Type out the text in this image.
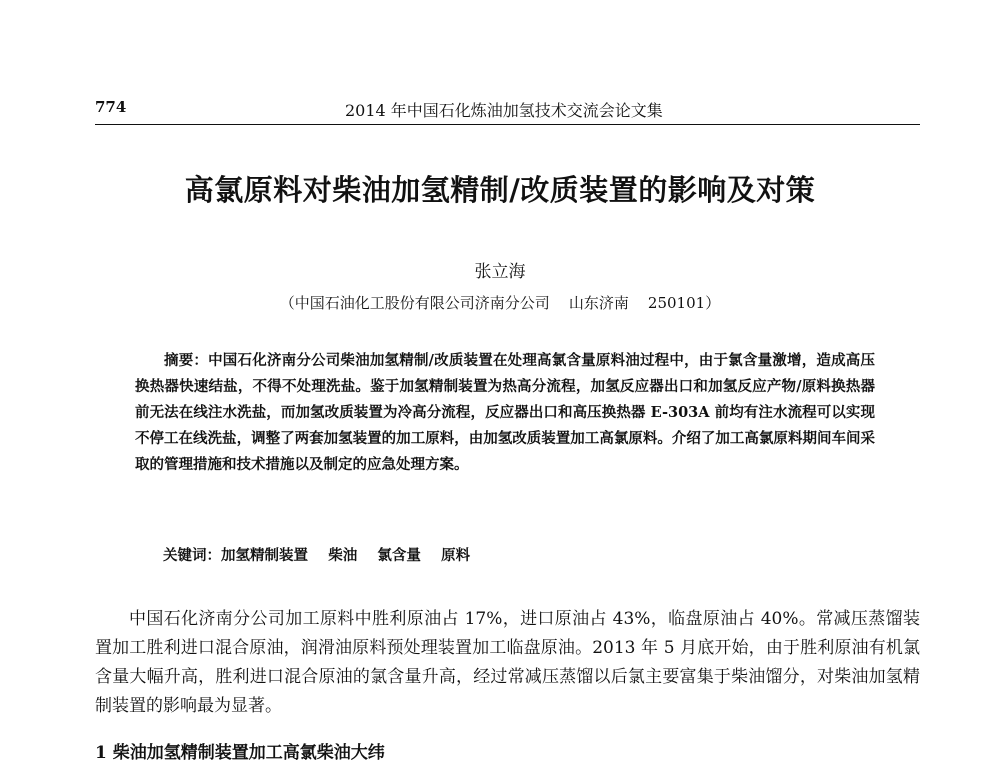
774	2014 年中国石化炼油加氢技术交流会论文集
高氯原料对柴油加氢精制/改质装置的影响及对策
张立海
（中国石油化工股份有限公司济南分公司    山东济南    250101）

摘要：中国石化济南分公司柴油加氢精制/改质装置在处理高氯含量原料油过程中，由于氯含量激增，造成高压换热器快速结盐，不得不处理洗盐。鉴于加氢精制装置为热高分流程，加氢反应器出口和加氢反应产物/原料换热器前无法在线注水洗盐，而加氢改质装置为冷高分流程，反应器出口和高压换热器 E-303A 前均有注水流程可以实现不停工在线洗盐，调整了两套加氢装置的加工原料，由加氢改质装置加工高氯原料。介绍了加工高氯原料期间车间采取的管理措施和技术措施以及制定的应急处理方案。

关键词：加氢精制装置    柴油    氯含量    原料

中国石化济南分公司加工原料中胜利原油占 17%，进口原油占 43%，临盘原油占 40%。常减压蒸馏装置加工胜利进口混合原油，润滑油原料预处理装置加工临盘原油。2013 年 5 月底开始，由于胜利原油有机氯含量大幅升高，胜利进口混合原油的氯含量升高，经过常减压蒸馏以后氯主要富集于柴油馏分，对柴油加氢精制装置的影响最为显著。

1 柴油加氢精制装置加工高氯柴油大纬
